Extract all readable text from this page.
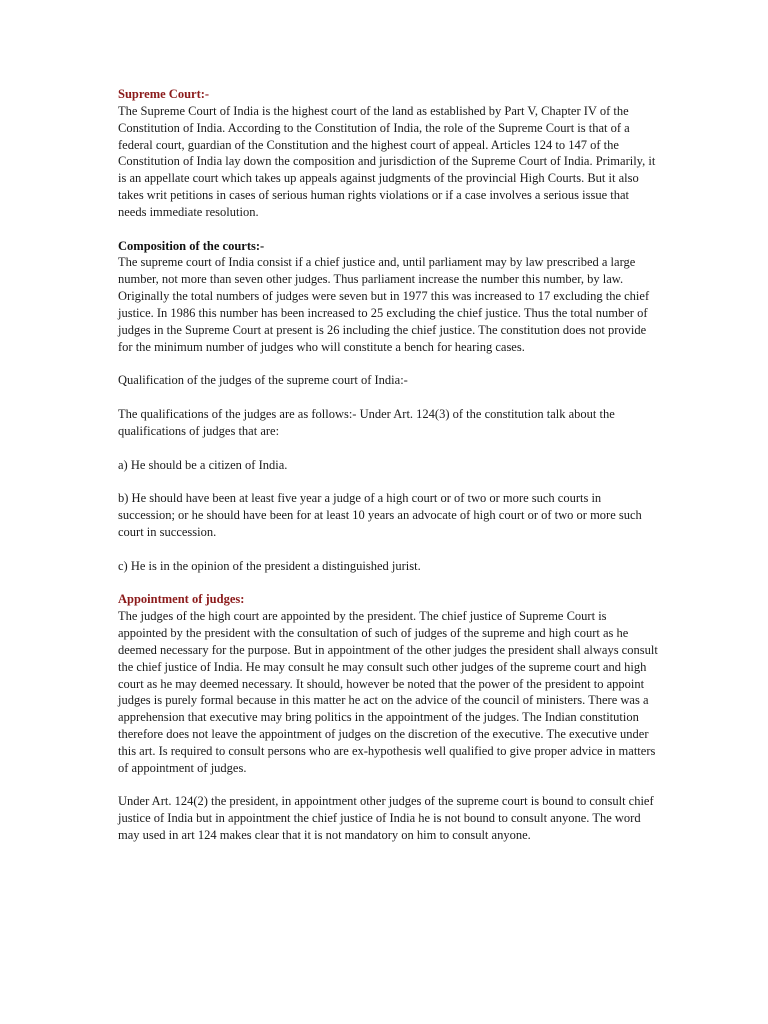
Supreme Court:-

The Supreme Court of India is the highest court of the land as established by Part V, Chapter IV of the Constitution of India. According to the Constitution of India, the role of the Supreme Court is that of a federal court, guardian of the Constitution and the highest court of appeal. Articles 124 to 147 of the Constitution of India lay down the composition and jurisdiction of the Supreme Court of India. Primarily, it is an appellate court which takes up appeals against judgments of the provincial High Courts. But it also takes writ petitions in cases of serious human rights violations or if a case involves a serious issue that needs immediate resolution.

Composition of the courts:-

The supreme court of India consist if a chief justice and, until parliament may by law prescribed a large number, not more than seven other judges. Thus parliament increase the number this number, by law. Originally the total numbers of judges were seven but in 1977 this was increased to 17 excluding the chief justice. In 1986 this number has been increased to 25 excluding the chief justice. Thus the total number of judges in the Supreme Court at present is 26 including the chief justice. The constitution does not provide for the minimum number of judges who will constitute a bench for hearing cases.

Qualification of the judges of the supreme court of India:-

The qualifications of the judges are as follows:- Under Art. 124(3) of the constitution talk about the qualifications of judges that are:

a) He should be a citizen of India.

b) He should have been at least five year a judge of a high court or of two or more such courts in succession; or he should have been for at least 10 years an advocate of high court or of two or more such court in succession.

c) He is in the opinion of the president a distinguished jurist.

Appointment of judges:

The judges of the high court are appointed by the president. The chief justice of Supreme Court is appointed by the president with the consultation of such of judges of the supreme and high court as he deemed necessary for the purpose. But in appointment of the other judges the president shall always consult the chief justice of India. He may consult he may consult such other judges of the supreme court and high court as he may deemed necessary. It should, however be noted that the power of the president to appoint judges is purely formal because in this matter he act on the advice of the council of ministers. There was a apprehension that executive may bring politics in the appointment of the judges. The Indian constitution therefore does not leave the appointment of judges on the discretion of the executive. The executive under this art. Is required to consult persons who are ex-hypothesis well qualified to give proper advice in matters of appointment of judges.

Under Art. 124(2) the president, in appointment other judges of the supreme court is bound to consult chief justice of India but in appointment the chief justice of India he is not bound to consult anyone. The word may used in art 124 makes clear that it is not mandatory on him to consult anyone.
